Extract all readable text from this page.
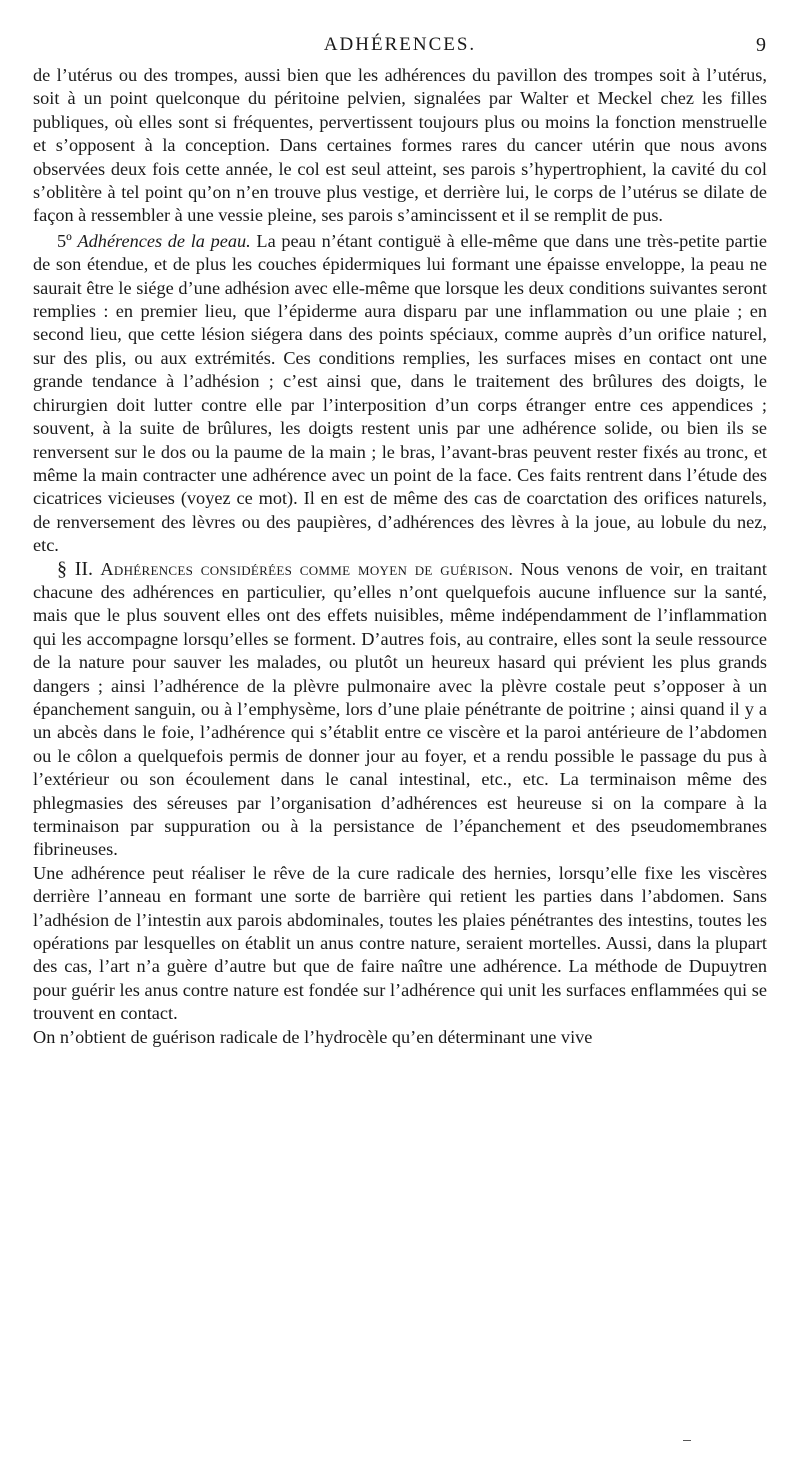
ADHÉRENCES.	9

de l’utérus ou des trompes, aussi bien que les adhérences du pavillon des trompes soit à l’utérus, soit à un point quelconque du péritoine pelvien, signalées par Walter et Meckel chez les filles publiques, où elles sont si fréquentes, pervertissent toujours plus ou moins la fonction menstruelle et s’opposent à la conception. Dans certaines formes rares du cancer utérin que nous avons observées deux fois cette année, le col est seul atteint, ses parois s’hypertrophient, la cavité du col s’oblitère à tel point qu’on n’en trouve plus vestige, et derrière lui, le corps de l’utérus se dilate de façon à ressembler à une vessie pleine, ses parois s’amincissent et il se remplit de pus.

5º Adhérences de la peau. La peau n’étant contiguë à elle-même que dans une très-petite partie de son étendue, et de plus les couches épidermiques lui formant une épaisse enveloppe, la peau ne saurait être le siége d’une adhésion avec elle-même que lorsque les deux conditions suivantes seront remplies : en premier lieu, que l’épiderme aura disparu par une inflammation ou une plaie ; en second lieu, que cette lésion siégera dans des points spéciaux, comme auprès d’un orifice naturel, sur des plis, ou aux extrémités. Ces conditions remplies, les surfaces mises en contact ont une grande tendance à l’adhésion ; c’est ainsi que, dans le traitement des brûlures des doigts, le chirurgien doit lutter contre elle par l’interposition d’un corps étranger entre ces appendices ; souvent, à la suite de brûlures, les doigts restent unis par une adhérence solide, ou bien ils se renversent sur le dos ou la paume de la main ; le bras, l’avant-bras peuvent rester fixés au tronc, et même la main contracter une adhérence avec un point de la face. Ces faits rentrent dans l’étude des cicatrices vicieuses (voyez ce mot). Il en est de même des cas de coarctation des orifices naturels, de renversement des lèvres ou des paupières, d’adhérences des lèvres à la joue, au lobule du nez, etc.

§ II. Adhérences considérées comme moyen de guérison. Nous venons de voir, en traitant chacune des adhérences en particulier, qu’elles n’ont quelquefois aucune influence sur la santé, mais que le plus souvent elles ont des effets nuisibles, même indépendamment de l’inflammation qui les accompagne lorsqu’elles se forment. D’autres fois, au contraire, elles sont la seule ressource de la nature pour sauver les malades, ou plutôt un heureux hasard qui prévient les plus grands dangers ; ainsi l’adhérence de la plèvre pulmonaire avec la plèvre costale peut s’opposer à un épanchement sanguin, ou à l’emphysème, lors d’une plaie pénétrante de poitrine ; ainsi quand il y a un abcès dans le foie, l’adhérence qui s’établit entre ce viscère et la paroi antérieure de l’abdomen ou le côlon a quelquefois permis de donner jour au foyer, et a rendu possible le passage du pus à l’extérieur ou son écoulement dans le canal intestinal, etc., etc. La terminaison même des phlegmasies des séreuses par l’organisation d’adhérences est heureuse si on la compare à la terminaison par suppuration ou à la persistance de l’épanchement et des pseudomembranes fibrineuses.

Une adhérence peut réaliser le rêve de la cure radicale des hernies, lorsqu’elle fixe les viscères derrière l’anneau en formant une sorte de barrière qui retient les parties dans l’abdomen. Sans l’adhésion de l’intestin aux parois abdominales, toutes les plaies pénétrantes des intestins, toutes les opérations par lesquelles on établit un anus contre nature, seraient mortelles. Aussi, dans la plupart des cas, l’art n’a guère d’autre but que de faire naître une adhérence. La méthode de Dupuytren pour guérir les anus contre nature est fondée sur l’adhérence qui unit les surfaces enflammées qui se trouvent en contact.

On n’obtient de guérison radicale de l’hydrocèle qu’en déterminant une vive
